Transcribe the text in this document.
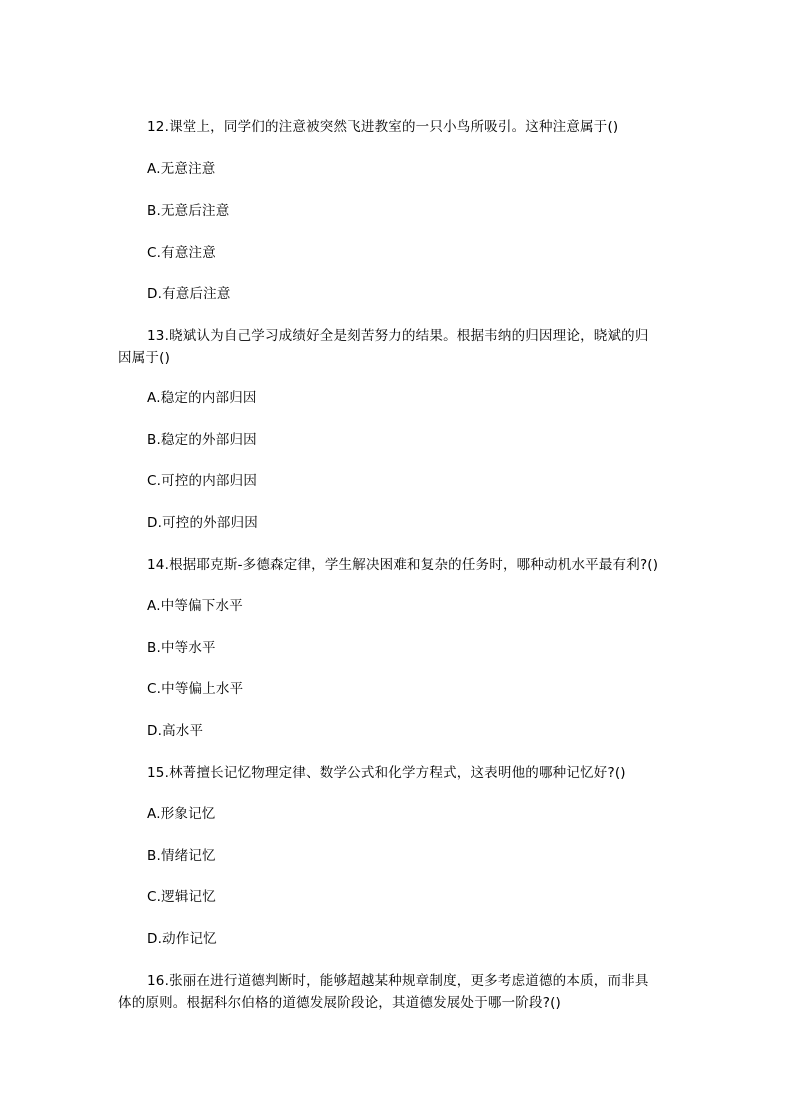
12.课堂上，同学们的注意被突然飞进教室的一只小鸟所吸引。这种注意属于()
A.无意注意
B.无意后注意
C.有意注意
D.有意后注意
13.晓斌认为自己学习成绩好全是刻苦努力的结果。根据韦纳的归因理论，晓斌的归
因属于()
A.稳定的内部归因
B.稳定的外部归因
C.可控的内部归因
D.可控的外部归因
14.根据耶克斯-多德森定律，学生解决困难和复杂的任务时，哪种动机水平最有利?()
A.中等偏下水平
B.中等水平
C.中等偏上水平
D.高水平
15.林菁擅长记忆物理定律、数学公式和化学方程式，这表明他的哪种记忆好?()
A.形象记忆
B.情绪记忆
C.逻辑记忆
D.动作记忆
16.张丽在进行道德判断时，能够超越某种规章制度，更多考虑道德的本质，而非具
体的原则。根据科尔伯格的道德发展阶段论，其道德发展处于哪一阶段?()
